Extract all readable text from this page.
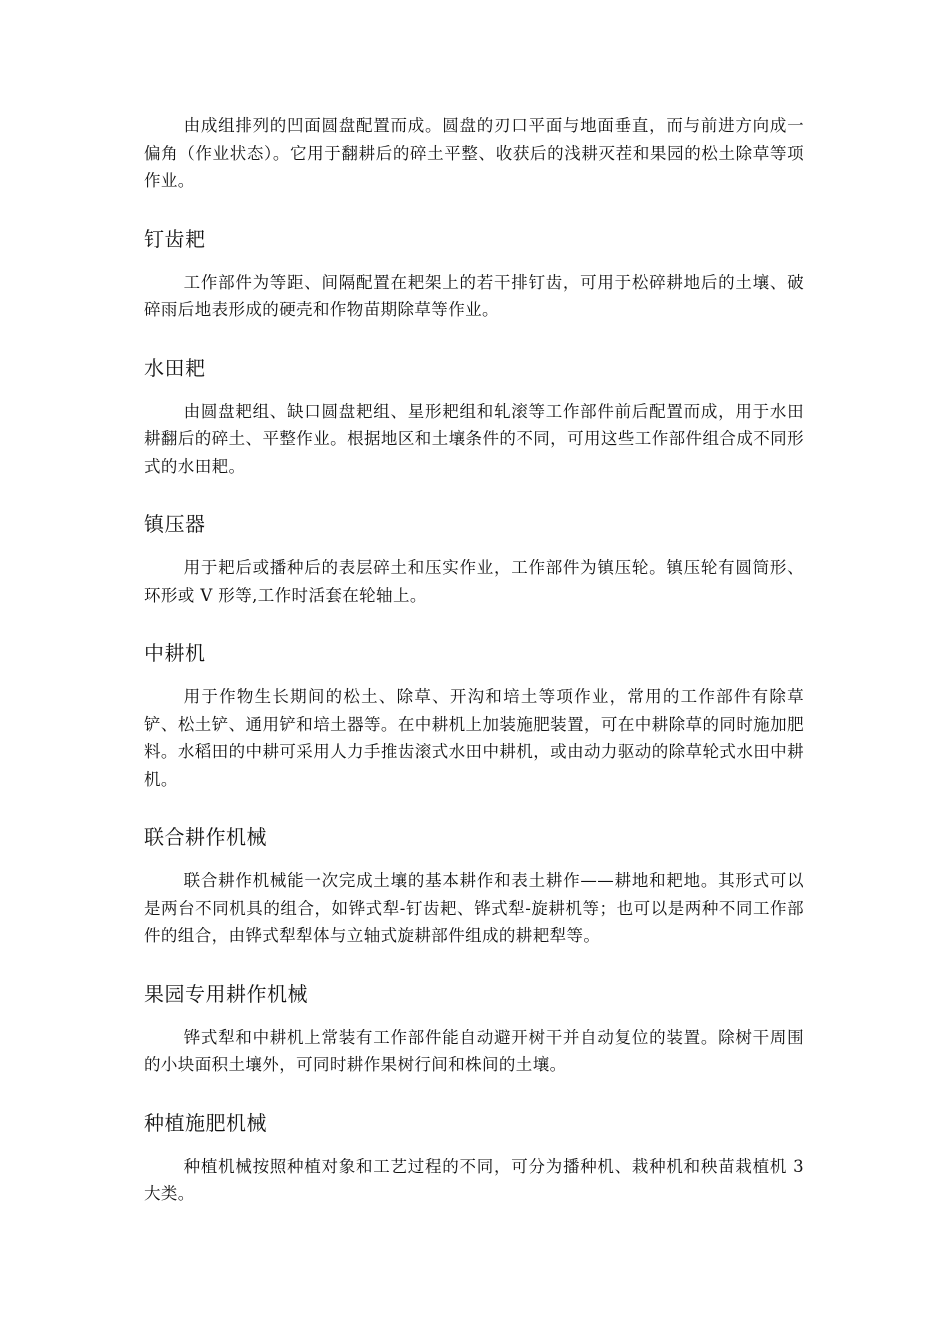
由成组排列的凹面圆盘配置而成。圆盘的刃口平面与地面垂直，而与前进方向成一偏角（作业状态）。它用于翻耕后的碎土平整、收获后的浅耕灭茬和果园的松土除草等项作业。

钉齿耙

工作部件为等距、间隔配置在耙架上的若干排钉齿，可用于松碎耕地后的土壤、破碎雨后地表形成的硬壳和作物苗期除草等作业。

水田耙

由圆盘耙组、缺口圆盘耙组、星形耙组和轧滚等工作部件前后配置而成，用于水田耕翻后的碎土、平整作业。根据地区和土壤条件的不同，可用这些工作部件组合成不同形式的水田耙。

镇压器

用于耙后或播种后的表层碎土和压实作业，工作部件为镇压轮。镇压轮有圆筒形、环形或 V 形等,工作时活套在轮轴上。

中耕机

用于作物生长期间的松土、除草、开沟和培土等项作业，常用的工作部件有除草铲、松土铲、通用铲和培土器等。在中耕机上加装施肥装置，可在中耕除草的同时施加肥料。水稻田的中耕可采用人力手推齿滚式水田中耕机，或由动力驱动的除草轮式水田中耕机。

联合耕作机械

联合耕作机械能一次完成土壤的基本耕作和表土耕作——耕地和耙地。其形式可以是两台不同机具的组合，如铧式犁-钉齿耙、铧式犁-旋耕机等；也可以是两种不同工作部件的组合，由铧式犁犁体与立轴式旋耕部件组成的耕耙犁等。

果园专用耕作机械

铧式犁和中耕机上常装有工作部件能自动避开树干并自动复位的装置。除树干周围的小块面积土壤外，可同时耕作果树行间和株间的土壤。

种植施肥机械

种植机械按照种植对象和工艺过程的不同，可分为播种机、栽种机和秧苗栽植机 3 大类。
